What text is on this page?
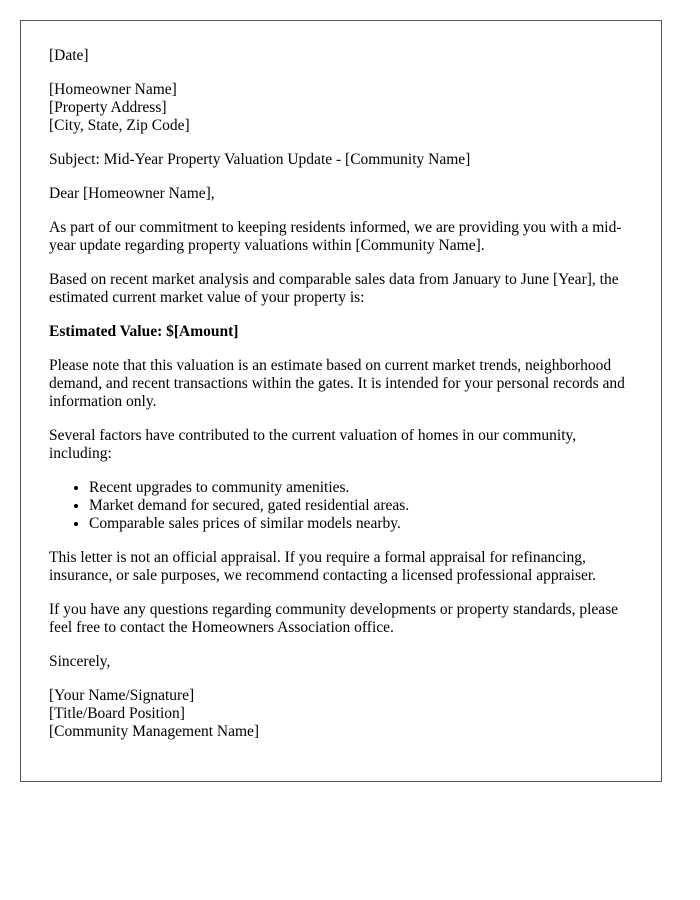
[Date]
[Homeowner Name]
[Property Address]
[City, State, Zip Code]

Subject: Mid-Year Property Valuation Update - [Community Name]

Dear [Homeowner Name],

As part of our commitment to keeping residents informed, we are providing you with a mid-year update regarding property valuations within [Community Name].

Based on recent market analysis and comparable sales data from January to June [Year], the estimated current market value of your property is:

Estimated Value: $[Amount]

Please note that this valuation is an estimate based on current market trends, neighborhood demand, and recent transactions within the gates. It is intended for your personal records and information only.

Several factors have contributed to the current valuation of homes in our community, including:

• Recent upgrades to community amenities.
• Market demand for secured, gated residential areas.
• Comparable sales prices of similar models nearby.

This letter is not an official appraisal. If you require a formal appraisal for refinancing, insurance, or sale purposes, we recommend contacting a licensed professional appraiser.

If you have any questions regarding community developments or property standards, please feel free to contact the Homeowners Association office.

Sincerely,

[Your Name/Signature]
[Title/Board Position]
[Community Management Name]
